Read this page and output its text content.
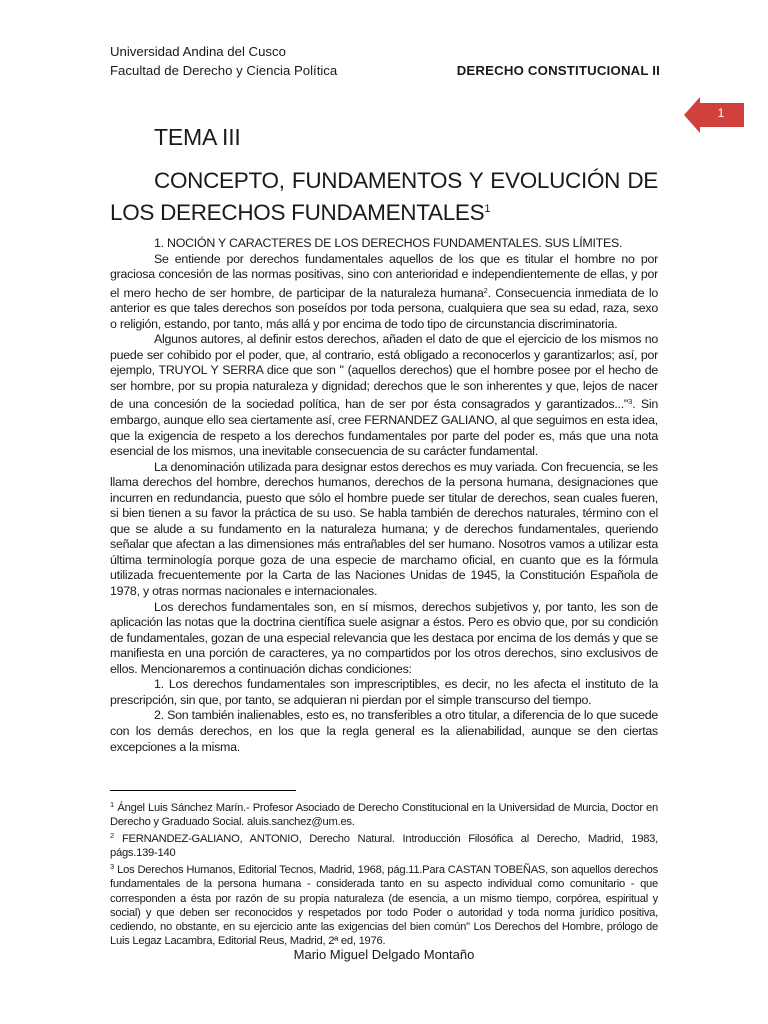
Universidad Andina del Cusco
Facultad de Derecho y Ciencia Política	DERECHO CONSTITUCIONAL II
1
TEMA III
CONCEPTO, FUNDAMENTOS Y EVOLUCIÓN DE
LOS DERECHOS FUNDAMENTALES$^1$

1. NOCIÓN Y CARACTERES DE LOS DERECHOS FUNDAMENTALES. SUS LÍMITES.

Se entiende por derechos fundamentales aquellos de los que es titular el hombre no por graciosa concesión de las normas positivas, sino con anterioridad e independientemente de ellas, y por el mero hecho de ser hombre, de participar de la naturaleza humana$^2$. Consecuencia inmediata de lo anterior es que tales derechos son poseídos por toda persona, cualquiera que sea su edad, raza, sexo o religión, estando, por tanto, más allá y por encima de todo tipo de circunstancia discriminatoria.

Algunos autores, al definir estos derechos, añaden el dato de que el ejercicio de los mismos no puede ser cohibido por el poder, que, al contrario, está obligado a reconocerlos y garantizarlos; así, por ejemplo, TRUYOL Y SERRA dice que son " (aquellos derechos) que el hombre posee por el hecho de ser hombre, por su propia naturaleza y dignidad; derechos que le son inherentes y que, lejos de nacer de una concesión de la sociedad política, han de ser por ésta consagrados y garantizados..."$^3$. Sin embargo, aunque ello sea ciertamente así, cree FERNANDEZ GALIANO, al que seguimos en esta idea, que la exigencia de respeto a los derechos fundamentales por parte del poder es, más que una nota esencial de los mismos, una inevitable consecuencia de su carácter fundamental.

La denominación utilizada para designar estos derechos es muy variada. Con frecuencia, se les llama derechos del hombre, derechos humanos, derechos de la persona humana, designaciones que incurren en redundancia, puesto que sólo el hombre puede ser titular de derechos, sean cuales fueren, si bien tienen a su favor la práctica de su uso. Se habla también de derechos naturales, término con el que se alude a su fundamento en la naturaleza humana; y de derechos fundamentales, queriendo señalar que afectan a las dimensiones más entrañables del ser humano. Nosotros vamos a utilizar esta última terminología porque goza de una especie de marchamo oficial, en cuanto que es la fórmula utilizada frecuentemente por la Carta de las Naciones Unidas de 1945, la Constitución Española de 1978, y otras normas nacionales e internacionales.

Los derechos fundamentales son, en sí mismos, derechos subjetivos y, por tanto, les son de aplicación las notas que la doctrina científica suele asignar a éstos. Pero es obvio que, por su condición de fundamentales, gozan de una especial relevancia que les destaca por encima de los demás y que se manifiesta en una porción de caracteres, ya no compartidos por los otros derechos, sino exclusivos de ellos. Mencionaremos a continuación dichas condiciones:

1. Los derechos fundamentales son imprescriptibles, es decir, no les afecta el instituto de la prescripción, sin que, por tanto, se adquieran ni pierdan por el simple transcurso del tiempo.

2. Son también inalienables, esto es, no transferibles a otro titular, a diferencia de lo que sucede con los demás derechos, en los que la regla general es la alienabilidad, aunque se den ciertas excepciones a la misma.

$^1$ Ángel Luis Sánchez Marín.- Profesor Asociado de Derecho Constitucional en la Universidad de Murcia, Doctor en Derecho y Graduado Social. aluis.sanchez@um.es.

$^2$ FERNANDEZ-GALIANO, ANTONIO, Derecho Natural. Introducción Filosófica al Derecho, Madrid, 1983, págs.139-140

$^3$ Los Derechos Humanos, Editorial Tecnos, Madrid, 1968, pág.11.Para CASTAN TOBEÑAS, son aquellos derechos fundamentales de la persona humana - considerada tanto en su aspecto individual como comunitario - que corresponden a ésta por razón de su propia naturaleza (de esencia, a un mismo tiempo, corpórea, espiritual y social) y que deben ser reconocidos y respetados por todo Poder o autoridad y toda norma jurídico positiva, cediendo, no obstante, en su ejercicio ante las exigencias del bien común" Los Derechos del Hombre, prólogo de Luis Legaz Lacambra, Editorial Reus, Madrid, 2ª ed, 1976.

Mario Miguel Delgado Montaño
